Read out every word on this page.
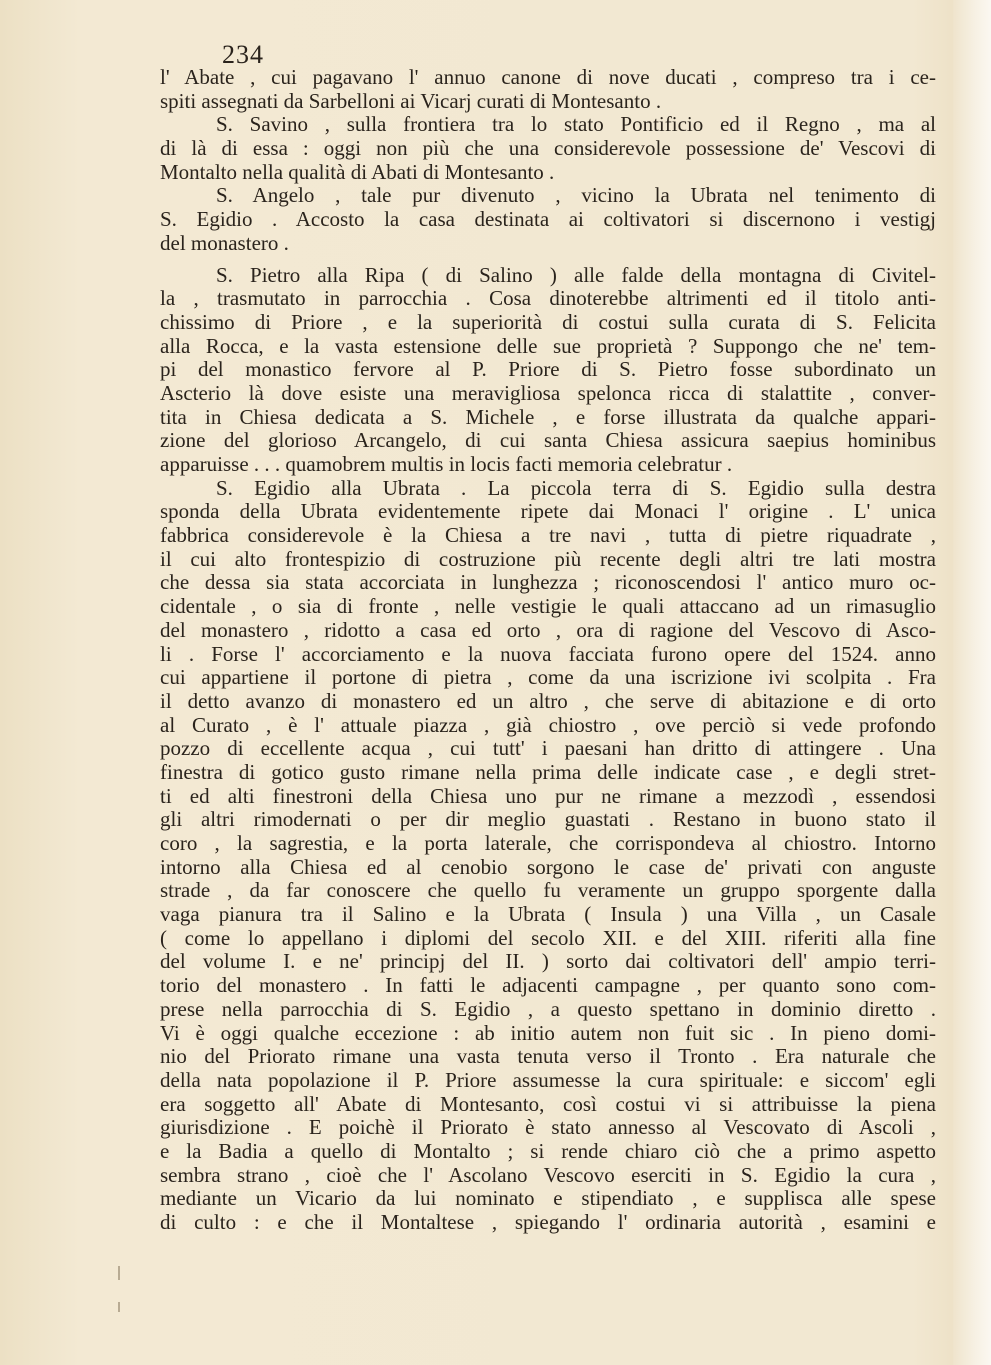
234
l' Abate , cui pagavano l' annuo canone di nove ducati , compreso tra i ce-
spiti assegnati da Sarbelloni ai Vicarj curati di Montesanto .
S. Savino , sulla frontiera tra lo stato Pontificio ed il Regno , ma al
di là di essa : oggi non più che una considerevole possessione de' Vescovi di
Montalto nella qualità di Abati di Montesanto .
S. Angelo , tale pur divenuto , vicino la Ubrata nel tenimento di
S. Egidio . Accosto la casa destinata ai coltivatori si discernono i vestigj
del monastero .
S. Pietro alla Ripa ( di Salino ) alle falde della montagna di Civitel-
la , trasmutato in parrocchia . Cosa dinoterebbe altrimenti ed il titolo anti-
chissimo di Priore , e la superiorità di costui sulla curata di S. Felicita
alla Rocca, e la vasta estensione delle sue proprietà ? Suppongo che ne' tem-
pi del monastico fervore al P. Priore di S. Pietro fosse subordinato un
Ascterio là dove esiste una meravigliosa spelonca ricca di stalattite , conver-
tita in Chiesa dedicata a S. Michele , e forse illustrata da qualche appari-
zione del glorioso Arcangelo, di cui santa Chiesa assicura saepius hominibus
apparuisse . . . quamobrem multis in locis facti memoria celebratur .
S. Egidio alla Ubrata . La piccola terra di S. Egidio sulla destra
sponda della Ubrata evidentemente ripete dai Monaci l' origine . L' unica
fabbrica considerevole è la Chiesa a tre navi , tutta di pietre riquadrate ,
il cui alto frontespizio di costruzione più recente degli altri tre lati mostra
che dessa sia stata accorciata in lunghezza ; riconoscendosi l' antico muro oc-
cidentale , o sia di fronte , nelle vestigie le quali attaccano ad un rimasuglio
del monastero , ridotto a casa ed orto , ora di ragione del Vescovo di Asco-
li . Forse l' accorciamento e la nuova facciata furono opere del 1524. anno
cui appartiene il portone di pietra , come da una iscrizione ivi scolpita . Fra
il detto avanzo di monastero ed un altro , che serve di abitazione e di orto
al Curato , è l' attuale piazza , già chiostro , ove perciò si vede profondo
pozzo di eccellente acqua , cui tutt' i paesani han dritto di attingere . Una
finestra di gotico gusto rimane nella prima delle indicate case , e degli stret-
ti ed alti finestroni della Chiesa uno pur ne rimane a mezzodì , essendosi
gli altri rimodernati o per dir meglio guastati . Restano in buono stato il
coro , la sagrestia, e la porta laterale, che corrispondeva al chiostro. Intorno
intorno alla Chiesa ed al cenobio sorgono le case de' privati con anguste
strade , da far conoscere che quello fu veramente un gruppo sporgente dalla
vaga pianura tra il Salino e la Ubrata ( Insula ) una Villa , un Casale
( come lo appellano i diplomi del secolo XII. e del XIII. riferiti alla fine
del volume I. e ne' principj del II. ) sorto dai coltivatori dell' ampio terri-
torio del monastero . In fatti le adjacenti campagne , per quanto sono com-
prese nella parrocchia di S. Egidio , a questo spettano in dominio diretto .
Vi è oggi qualche eccezione : ab initio autem non fuit sic . In pieno domi-
nio del Priorato rimane una vasta tenuta verso il Tronto . Era naturale che
della nata popolazione il P. Priore assumesse la cura spirituale: e siccom' egli
era soggetto all' Abate di Montesanto, così costui vi si attribuisse la piena
giurisdizione . E poichè il Priorato è stato annesso al Vescovato di Ascoli ,
e la Badia a quello di Montalto ; si rende chiaro ciò che a primo aspetto
sembra strano , cioè che l' Ascolano Vescovo eserciti in S. Egidio la cura ,
mediante un Vicario da lui nominato e stipendiato , e supplisca alle spese
di culto : e che il Montaltese , spiegando l' ordinaria autorità , esamini e
